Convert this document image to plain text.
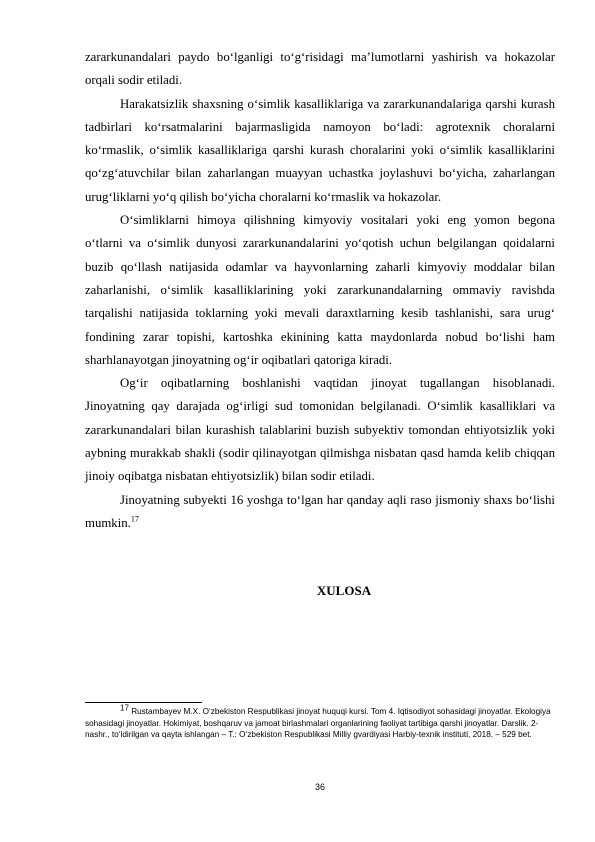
zararkunandalari paydo bo‘lganligi to‘g‘risidagi ma’lumotlarni yashirish va hokazolar orqali sodir etiladi.

Harakatsizlik shaxsning o‘simlik kasalliklariga va zararkunandalariga qarshi kurash tadbirlari ko‘rsatmalarini bajarmasligida namoyon bo‘ladi: agrotexnik choralarni ko‘rmaslik, o‘simlik kasalliklariga qarshi kurash choralarini yoki o‘simlik kasalliklarini qo‘zg‘atuvchilar bilan zaharlangan muayyan uchastka joylashuvi bo‘yicha, zaharlangan urug‘liklarni yo‘q qilish bo‘yicha choralarni ko‘rmaslik va hokazolar.

O‘simliklarni himoya qilishning kimyoviy vositalari yoki eng yomon begona o‘tlarni va o‘simlik dunyosi zararkunandalarini yo‘qotish uchun belgilangan qoidalarni buzib qo‘llash natijasida odamlar va hayvonlarning zaharli kimyoviy moddalar bilan zaharlanishi, o‘simlik kasalliklarining yoki zararkunandalarning ommaviy ravishda tarqalishi natijasida toklarning yoki mevali daraxtlarning kesib tashlanishi, sara urug‘ fondining zarar topishi, kartoshka ekinining katta maydonlarda nobud bo‘lishi ham sharhlanayotgan jinoyatning og‘ir oqibatlari qatoriga kiradi.

Og‘ir oqibatlarning boshlanishi vaqtidan jinoyat tugallangan hisoblanadi. Jinoyatning qay darajada og‘irligi sud tomonidan belgilanadi. O‘simlik kasalliklari va zararkunandalari bilan kurashish talablarini buzish subyektiv tomondan ehtiyotsizlik yoki aybning murakkab shakli (sodir qilinayotgan qilmishga nisbatan qasd hamda kelib chiqqan jinoiy oqibatga nisbatan ehtiyotsizlik) bilan sodir etiladi.

Jinoyatning subyekti 16 yoshga to‘lgan har qanday aqli raso jismoniy shaxs bo‘lishi mumkin.$^{17}$

XULOSA
$^{17}$ Rustambayev M.X. O‘zbekiston Respublikasi jinoyat huquqi kursi. Tom 4. Iqtisodiyot sohasidagi jinoyatlar. Ekologiya sohasidagi jinoyatlar. Hokimiyat, boshqaruv va jamoat birlashmalari organlarining faoliyat tartibiga qarshi jinoyatlar. Darslik. 2-nashr., to‘ldirilgan va qayta ishlangan – T.: O‘zbekiston Respublikasi Milliy gvardiyasi Harbiy-texnik instituti, 2018. – 529 bet.
36
